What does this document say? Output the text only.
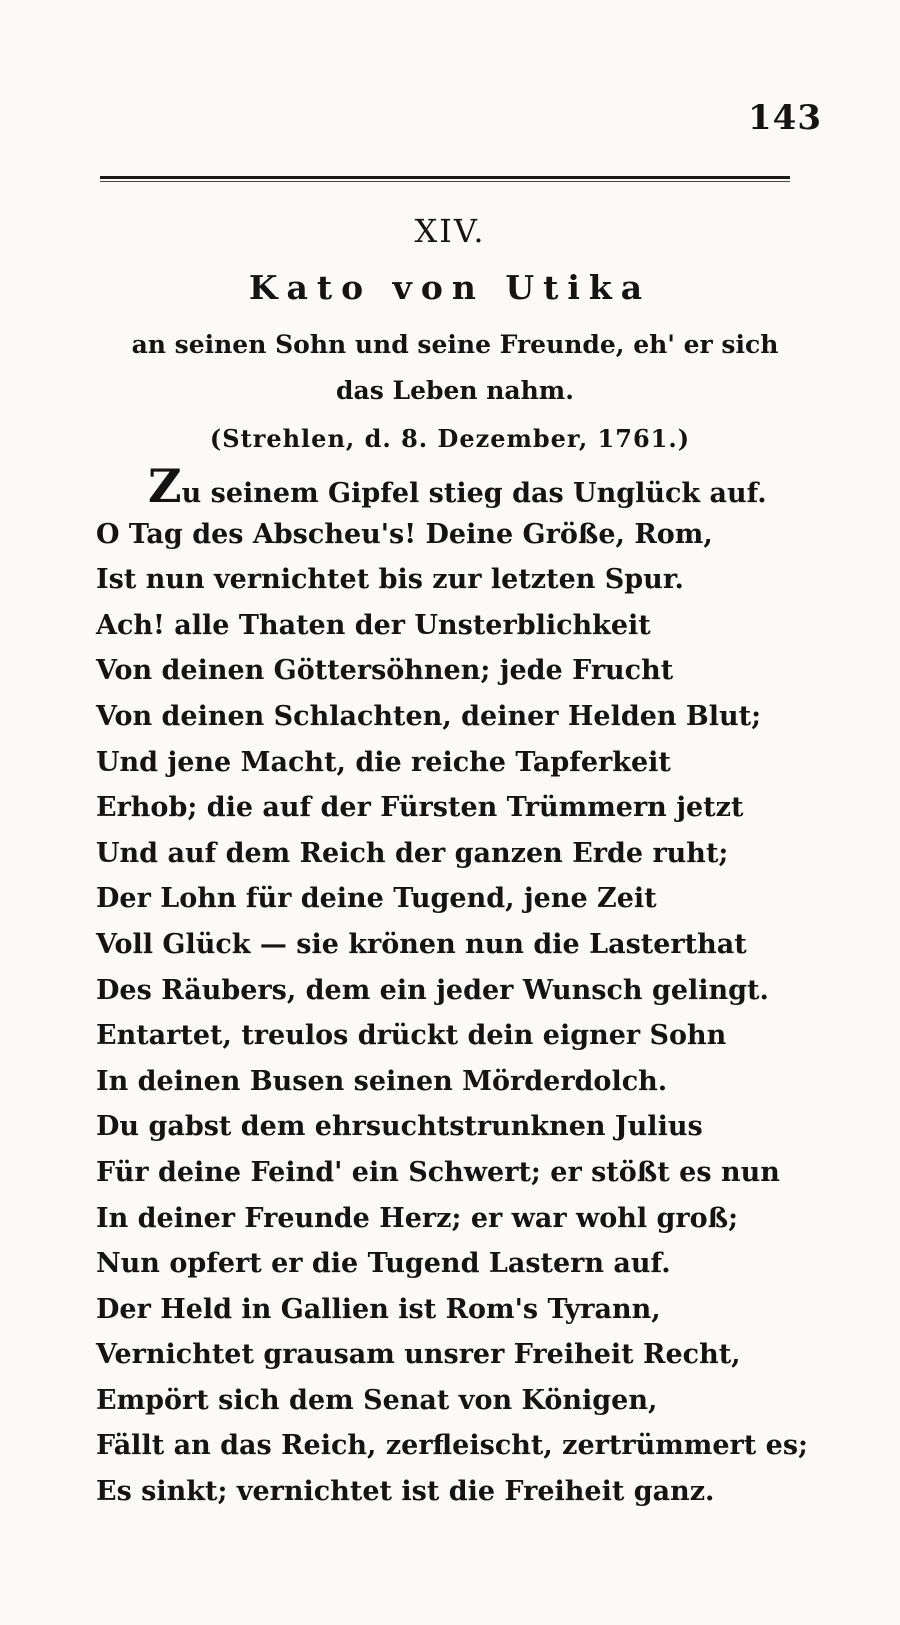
143
XIV.
Kato von Utika
an seinen Sohn und seine Freunde, eh' er sich das Leben nahm.
(Strehlen, d. 8. Dezember, 1761.)
Zu seinem Gipfel stieg das Unglück auf.
O Tag des Abscheu's! Deine Größe, Rom,
Ist nun vernichtet bis zur letzten Spur.
Ach! alle Thaten der Unsterblichkeit
Von deinen Göttersöhnen; jede Frucht
Von deinen Schlachten, deiner Helden Blut;
Und jene Macht, die reiche Tapferkeit
Erhob; die auf der Fürsten Trümmern jetzt
Und auf dem Reich der ganzen Erde ruht;
Der Lohn für deine Tugend, jene Zeit
Voll Glück — sie krönen nun die Lasterthat
Des Räubers, dem ein jeder Wunsch gelingt.
Entartet, treulos drückt dein eigner Sohn
In deinen Busen seinen Mörderdolch.
Du gabst dem ehrsuchtstrunknen Julius
Für deine Feind' ein Schwert; er stößt es nun
In deiner Freunde Herz; er war wohl groß;
Nun opfert er die Tugend Lastern auf.
Der Held in Gallien ist Rom's Tyrann,
Vernichtet grausam unsrer Freiheit Recht,
Empört sich dem Senat von Königen,
Fällt an das Reich, zerfleischt, zertrümmert es;
Es sinkt; vernichtet ist die Freiheit ganz.
